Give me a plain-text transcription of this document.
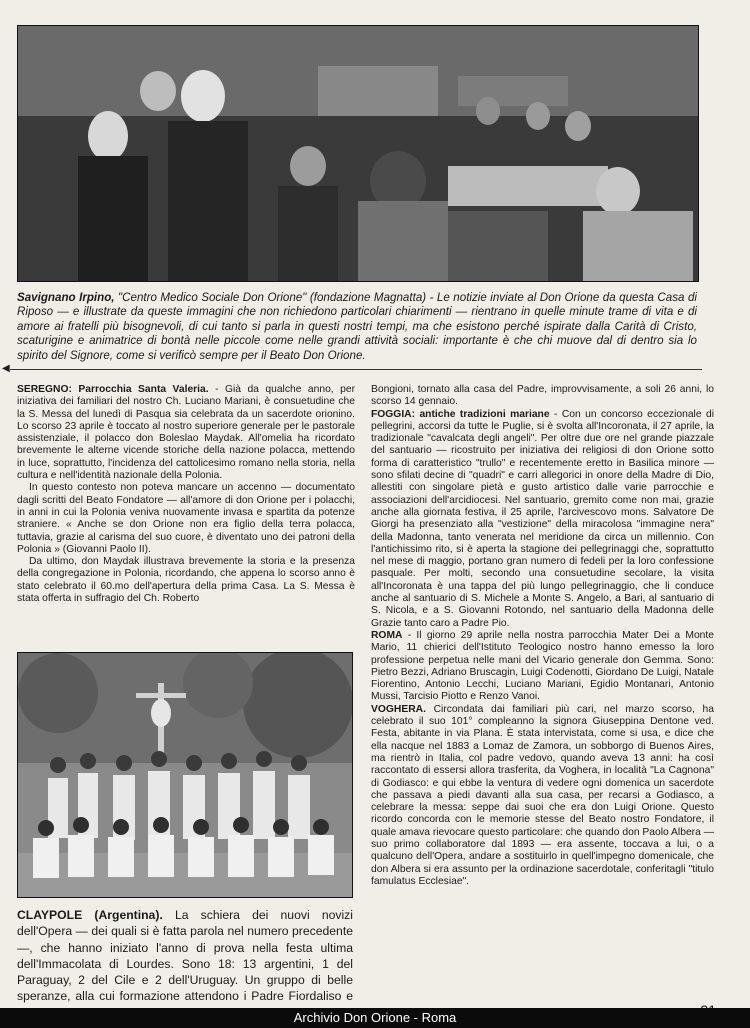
Savignano Irpino, "Centro Medico Sociale Don Orione" (fondazione Magnatta) - Le notizie inviate al Don Orione da questa Casa di Riposo — e illustrate da queste immagini che non richiedono particolari chiarimenti — rientrano in quelle minute trame di vita e di amore ai fratelli più bisognevoli, di cui tanto si parla in questi nostri tempi, ma che esistono perché ispirate dalla Carità di Cristo, scaturigine e animatrice di bontà nelle piccole come nelle grandi attività sociali: importante è che chi muove dal di dentro sia lo spirito del Signore, come si verificò sempre per il Beato Don Orione.
◀

SEREGNO: Parrocchia Santa Valeria. - Già da qualche anno, per iniziativa dei familiari del nostro Ch. Luciano Mariani, è consuetudine che la S. Messa del lunedì di Pasqua sia celebrata da un sacerdote orionino. Lo scorso 23 aprile è toccato al nostro superiore generale per le pastorale assistenziale, il polacco don Boleslao Maydak. All'omelia ha ricordato brevemente le alterne vicende storiche della nazione polacca, mettendo in luce, soprattutto, l'incidenza del cattolicesimo romano nella storia, nella cultura e nell'identità nazionale della Polonia.

In questo contesto non poteva mancare un accenno — documentato dagli scritti del Beato Fondatore — all'amore di don Orione per i polacchi, in anni in cui la Polonia veniva nuovamente invasa e spartita da potenze straniere. « Anche se don Orione non era figlio della terra polacca, tuttavia, grazie al carisma del suo cuore, è diventato uno dei patroni della Polonia » (Giovanni Paolo II).

Da ultimo, don Maydak illustrava brevemente la storia e la presenza della congregazione in Polonia, ricordando, che appena lo scorso anno è stato celebrato il 60.mo dell'apertura della prima Casa. La S. Messa è stata offerta in suffragio del Ch. Roberto

CLAYPOLE (Argentina). La schiera dei nuovi novizi dell'Opera — dei quali si è fatta parola nel numero precedente —, che hanno iniziato l'anno di prova nella festa ultima dell'Immacolata di Lourdes. Sono 18: 13 argentini, 1 del Paraguay, 2 del Cile e 2 dell'Uruguay. Un gruppo di belle speranze, alla cui formazione attendono i Padre Fiordaliso e

Bongioni, tornato alla casa del Padre, improvvisamente, a soli 26 anni, lo scorso 14 gennaio.

FOGGIA: antiche tradizioni mariane - Con un concorso eccezionale di pellegrini, accorsi da tutte le Puglie, si è svolta all'Incoronata, il 27 aprile, la tradizionale "cavalcata degli angeli". Per oltre due ore nel grande piazzale del santuario — ricostruito per iniziativa dei religiosi di don Orione sotto forma di caratteristico "trullo" e recentemente eretto in Basilica minore — sono sfilati decine di "quadri" e carri allegorici in onore della Madre di Dio, allestiti con singolare pietà e gusto artistico dalle varie parrocchie e associazioni dell'arcidiocesi. Nel santuario, gremito come non mai, grazie anche alla giornata festiva, il 25 aprile, l'arcivescovo mons. Salvatore De Giorgi ha presenziato alla "vestizione" della miracolosa "immagine nera" della Madonna, tanto venerata nel meridione da circa un millennio. Con l'antichissimo rito, si è aperta la stagione dei pellegrinaggi che, soprattutto nel mese di maggio, portano gran numero di fedeli per la loro confessione pasquale. Per molti, secondo una consuetudine secolare, la visita all'Incoronata è una tappa del più lungo pellegrinaggio, che li conduce anche al santuario di S. Michele a Monte S. Angelo, a Bari, al santuario di S. Nicola, e a S. Giovanni Rotondo, nel santuario della Madonna delle Grazie tanto caro a Padre Pio.

ROMA - Il giorno 29 aprile nella nostra parrocchia Mater Dei a Monte Mario, 11 chierici dell'Istituto Teologico nostro hanno emesso la loro professione perpetua nelle mani del Vicario generale don Gemma. Sono: Pietro Bezzi, Adriano Bruscagin, Luigi Codenotti, Giordano De Luigi, Natale Fiorentino, Antonio Lecchi, Luciano Mariani, Egidio Montanari, Antonio Mussi, Tarcisio Piotto e Renzo Vanoi.

VOGHERA. Circondata dai familiari più cari, nel marzo scorso, ha celebrato il suo 101° compleanno la signora Giuseppina Dentone ved. Festa, abitante in via Plana. È stata intervistata, come si usa, e dice che ella nacque nel 1883 a Lomaz de Zamora, un sobborgo di Buenos Aires, ma rientrò in Italia, col padre vedovo, quando aveva 13 anni: ha così raccontato di essersi allora trasferita, da Voghera, in località "La Cagnona" di Godiasco: e qui ebbe la ventura di vedere ogni domenica un sacerdote che passava a piedi davanti alla sua casa, per recarsi a Godiasco, a celebrare la messa: seppe dai suoi che era don Luigi Orione. Questo ricordo concorda con le memorie stesse del Beato nostro Fondatore, il quale amava rievocare questo particolare: che quando don Paolo Albera — suo primo collaboratore dal 1893 — era assente, toccava a lui, o a qualcuno dell'Opera, andare a sostituirlo in quell'impegno domenicale, che don Albera si era assunto per la ordinazione sacerdotale, conferitagli "titulo famulatus Ecclesiae".

Archivio Don Orione - Roma
